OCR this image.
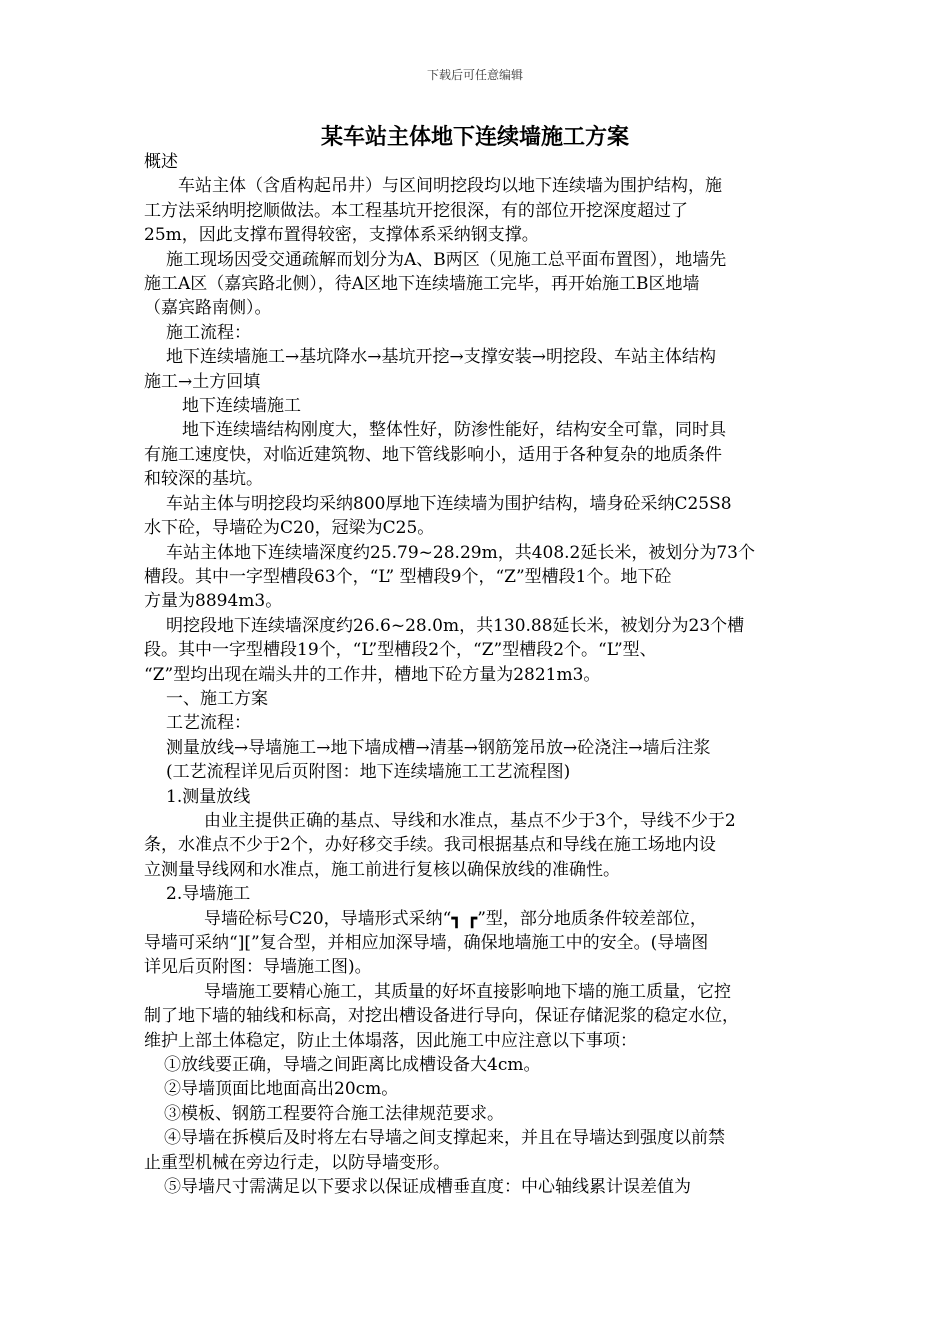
下载后可任意编辑
某车站主体地下连续墙施工方案

概述

车站主体（含盾构起吊井）与区间明挖段均以地下连续墙为围护结构，施

工方法采纳明挖顺做法。本工程基坑开挖很深，有的部位开挖深度超过了

25m，因此支撑布置得较密，支撑体系采纳钢支撑。

施工现场因受交通疏解而划分为A、B两区（见施工总平面布置图），地墙先

施工A区（嘉宾路北侧），待A区地下连续墙施工完毕，再开始施工B区地墙

（嘉宾路南侧）。

施工流程：

地下连续墙施工→基坑降水→基坑开挖→支撑安装→明挖段、车站主体结构

施工→土方回填

地下连续墙施工

地下连续墙结构刚度大，整体性好，防渗性能好，结构安全可靠，同时具

有施工速度快，对临近建筑物、地下管线影响小，适用于各种复杂的地质条件

和较深的基坑。

车站主体与明挖段均采纳800厚地下连续墙为围护结构，墙身砼采纳C25S8

水下砼，导墙砼为C20，冠梁为C25。

车站主体地下连续墙深度约25.79~28.29m，共408.2延长米，被划分为73个

槽段。其中一字型槽段63个，“L” 型槽段9个，“Z”型槽段1个。地下砼

方量为8894m3。

明挖段地下连续墙深度约26.6~28.0m，共130.88延长米，被划分为23个槽

段。其中一字型槽段19个，“L”型槽段2个，“Z”型槽段2个。“L”型、

“Z”型均出现在端头井的工作井，槽地下砼方量为2821m3。

一、施工方案

工艺流程：

测量放线→导墙施工→地下墙成槽→清基→钢筋笼吊放→砼浇注→墙后注浆

(工艺流程详见后页附图：地下连续墙施工工艺流程图)

1.测量放线

由业主提供正确的基点、导线和水准点，基点不少于3个，导线不少于2

条，水准点不少于2个，办好移交手续。我司根据基点和导线在施工场地内设

立测量导线网和水准点，施工前进行复核以确保放线的准确性。

2.导墙施工

导墙砼标号C20，导墙形式采纳“┓ ┏”型，部分地质条件较差部位，

导墙可采纳“][”复合型，并相应加深导墙，确保地墙施工中的安全。(导墙图

详见后页附图：导墙施工图)。

导墙施工要精心施工，其质量的好坏直接影响地下墙的施工质量，它控

制了地下墙的轴线和标高，对挖出槽设备进行导向，保证存储泥浆的稳定水位，

维护上部土体稳定，防止土体塌落，因此施工中应注意以下事项：

①放线要正确，导墙之间距离比成槽设备大4cm。

②导墙顶面比地面高出20cm。

③模板、钢筋工程要符合施工法律规范要求。

④导墙在拆模后及时将左右导墙之间支撑起来，并且在导墙达到强度以前禁

止重型机械在旁边行走，以防导墙变形。

⑤导墙尺寸需满足以下要求以保证成槽垂直度：中心轴线累计误差值为
